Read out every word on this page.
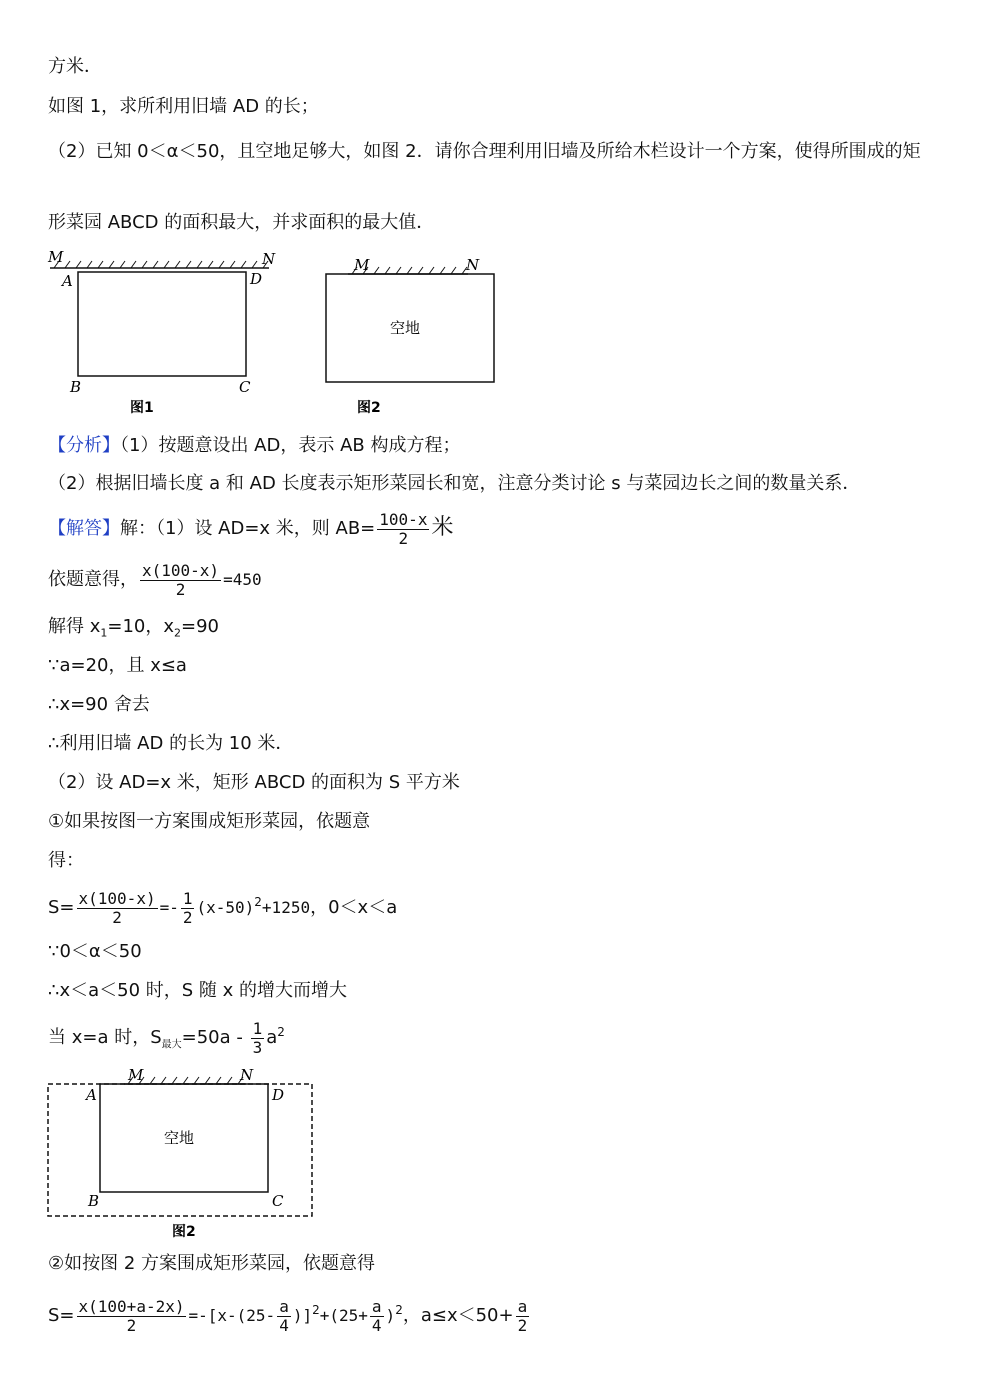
方米．
如图 1，求所利用旧墙 AD 的长；
（2）已知 0＜α＜50，且空地足够大，如图 2．请你合理利用旧墙及所给木栏设计一个方案，使得所围成的矩
形菜园 ABCD 的面积最大，并求面积的最大值．
M	N
A	D
B	C
图1
M	N
空地
图2
【分析】（1）按题意设出 AD，表示 AB 构成方程；
（2）根据旧墙长度 a 和 AD 长度表示矩形菜园长和宽，注意分类讨论 s 与菜园边长之间的数量关系．
【解答】解：（1）设 AD=x 米，则 $AB= \frac{100-x}{2}$ 米
依题意得， $\frac{x(100-x)}{2} =450$
解得 $x_1=10$，$x_2=90$
∵a=20，且 x≤a
∴x=90 舍去
∴利用旧墙 AD 的长为 10 米．
（2）设 AD=x 米，矩形 ABCD 的面积为 S 平方米
①如果按图一方案围成矩形菜园，依题意
得：
$S= \frac{x(100-x)}{2} =- \frac{1}{2} (x-50)^2+1250$，0＜x＜a
∵0＜α＜50
∴x＜a＜50 时，S 随 x 的增大而增大
当 x=a 时，$S_{最大}=50a - \frac{1}{3} a^2$
M	N
A	D
B	C
空地
图2
②如按图 2 方案围成矩形菜园，依题意得
$S= \frac{x(100+a-2x)}{2} =-[x-(25- \frac{a}{4} )]^2+(25+ \frac{a}{4} )^2$，$a\le x<50+ \frac{a}{2}$
